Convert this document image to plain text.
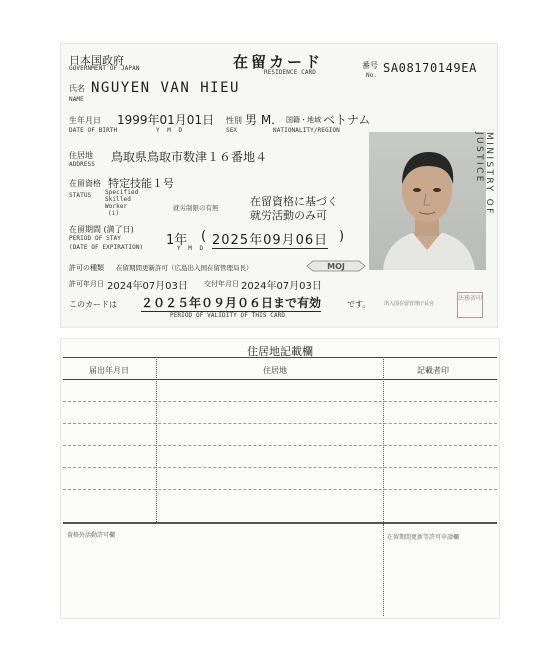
日本国政府
GOVERNMENT OF JAPAN	在留カード
RESIDENCE CARD
番号
No.
SA08170149EA
氏名
NAME
NGUYEN VAN HIEU
生年月日
DATE OF BIRTH
1999年01月01日
Y M D
性別
SEX
男 M. 国籍・地域
NATIONALITY/REGION
ベトナム
住居地
ADDRESS
鳥取県鳥取市数津１６番地４
在留資格
STATUS
特定技能１号
Specified
Skilled
Worker
(i)
就労制限の有無	在留資格に基づく
就労活動のみ可
在留期間 (満了日)
PERIOD OF STAY
(DATE OF EXPIRATION) 1年 ( 2025年09月06日 )
Y M D
許可の種類 在留期間更新許可（広島出入国在留管理局長）	MOJ
許可年月日 2024年07月03日 交付年月日 2024年07月03日
このカードは ２０２５年０９月０６日まで有効	です。
PERIOD OF VALIDITY OF THIS CARD
出入国在留管理庁長官
法務省印
MINISTRY OF JUSTICE
住居地記載欄
届出年月日	住居地	記載者印
資格外活動許可欄	在留期間更新等許可申請欄
